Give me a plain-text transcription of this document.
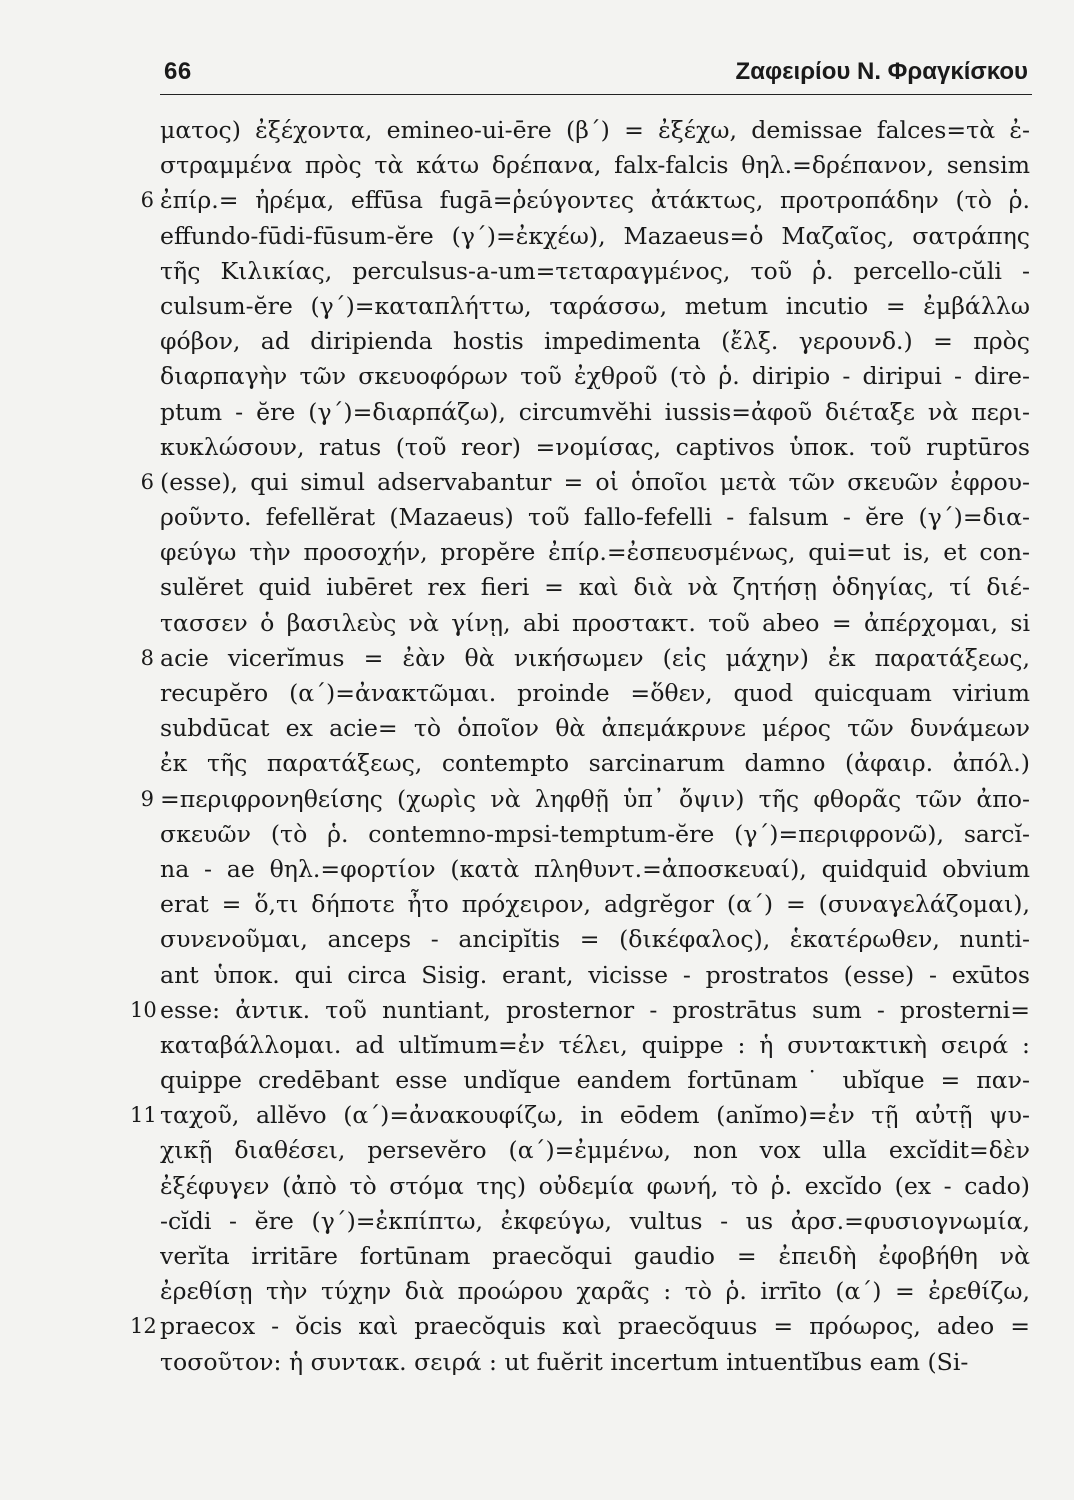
66	Ζαφειρίου Ν. Φραγκίσκου
ματος) ἐξέχοντα, emineo-ui-ēre (β΄) = ἐξέχω, demissae falces=τὰ ἐ-
στραμμένα πρὸς τὰ κάτω δρέπανα, falx-falcis θηλ.=δρέπανον, sensim
6 ἐπίρ.= ἠρέμα, effūsa fugā=ῥεύγοντες ἀτάκτως, προτροπάδην (τὸ ῥ.
effundo-fūdi-fūsum-ĕre (γ΄)=ἐκχέω), Mazaeus=ὁ Μαζαῖος, σατράπης
τῆς Κιλικίας, perculsus-a-um=τεταραγμένος, τοῦ ῥ. percello-cŭli -
culsum-ĕre (γ΄)=καταπλήττω, ταράσσω, metum incutio = ἐμβάλλω
φόβον, ad diripienda hostis impedimenta (ἔλξ. γερουνδ.) = πρὸς
διαρπαγὴν τῶν σκευοφόρων τοῦ ἐχθροῦ (τὸ ῥ. diripio - diripui - dire-
ptum - ĕre (γ΄)=διαρπάζω), circumvĕhi iussis=ἀφοῦ διέταξε νὰ περι-
κυκλώσουν, ratus (τοῦ reor) =νομίσας, captivos ὑποκ. τοῦ ruptūros
6 (esse), qui simul adservabantur = οἱ ὁποῖοι μετὰ τῶν σκευῶν ἐφρου-
ροῦντο. fefellĕrat (Mazaeus) τοῦ fallo-fefelli - falsum - ĕre (γ΄)=δια-
φεύγω τὴν προσοχήν, propĕre ἐπίρ.=ἐσπευσμένως, qui=ut is, et con-
sulĕret quid iubēret rex fieri = καὶ διὰ νὰ ζητήσῃ ὁδηγίας, τί διέ-
τασσεν ὁ βασιλεὺς νὰ γίνῃ, abi προστακτ. τοῦ abeo = ἀπέρχομαι, si
8 acie vicerĭmus = ἐὰν θὰ νικήσωμεν (εἰς μάχην) ἐκ παρατάξεως,
recupĕro (α΄)=ἀνακτῶμαι. proinde =ὅθεν, quod quicquam virium
subdūcat ex acie= τὸ ὁποῖον θὰ ἀπεμάκρυνε μέρος τῶν δυνάμεων
ἐκ τῆς παρατάξεως, contempto sarcinarum damno (ἀφαιρ. ἀπόλ.)
9 =περιφρονηθείσης (χωρὶς νὰ ληφθῇ ὑπ᾽ ὄψιν) τῆς φθορᾶς τῶν ἀπο-
σκευῶν (τὸ ῥ. contemno-mpsi-temptum-ĕre (γ΄)=περιφρονῶ), sarcĭ-
na - ae θηλ.=φορτίον (κατὰ πληθυντ.=ἀποσκευαί), quidquid obvium
erat = ὅ,τι δήποτε ἦτο πρόχειρον, adgrĕgor (α΄) = (συναγελάζομαι),
συνενοῦμαι, anceps - ancipĭtis = (δικέφαλος), ἑκατέρωθεν, nunti-
ant ὑποκ. qui circa Sisig. erant, vicisse - prostratos (esse) - exūtos
10 esse: ἀντικ. τοῦ nuntiant, prosternor - prostrātus sum - prosterni=
καταβάλλομαι. ad ultĭmum=ἐν τέλει, quippe : ἡ συντακτικὴ σειρά :
quippe credēbant esse undĭque eandem fortūnam˙ ubĭque = παν-
11 ταχοῦ, allĕvo (α΄)=ἀνακουφίζω, in eōdem (anĭmo)=ἐν τῇ αὐτῇ ψυ-
χικῇ διαθέσει, persevĕro (α΄)=ἐμμένω, non vox ulla excĭdit=δὲν
ἐξέφυγεν (ἀπὸ τὸ στόμα της) οὐδεμία φωνή, τὸ ῥ. excĭdo (ex - cado)
-cĭdi - ĕre (γ΄)=ἐκπίπτω, ἐκφεύγω, vultus - us ἀρσ.=φυσιογνωμία,
verĭta irritāre fortūnam praecŏqui gaudio = ἐπειδὴ ἐφοβήθη νὰ
ἐρεθίσῃ τὴν τύχην διὰ προώρου χαρᾶς : τὸ ῥ. irrīto (α΄) = ἐρεθίζω,
12 praecox - ŏcis καὶ praecŏquis καὶ praecŏquus = πρόωρος, adeo =
τοσοῦτον: ἡ συντακ. σειρά : ut fuĕrit incertum intuentĭbus eam (Si-
